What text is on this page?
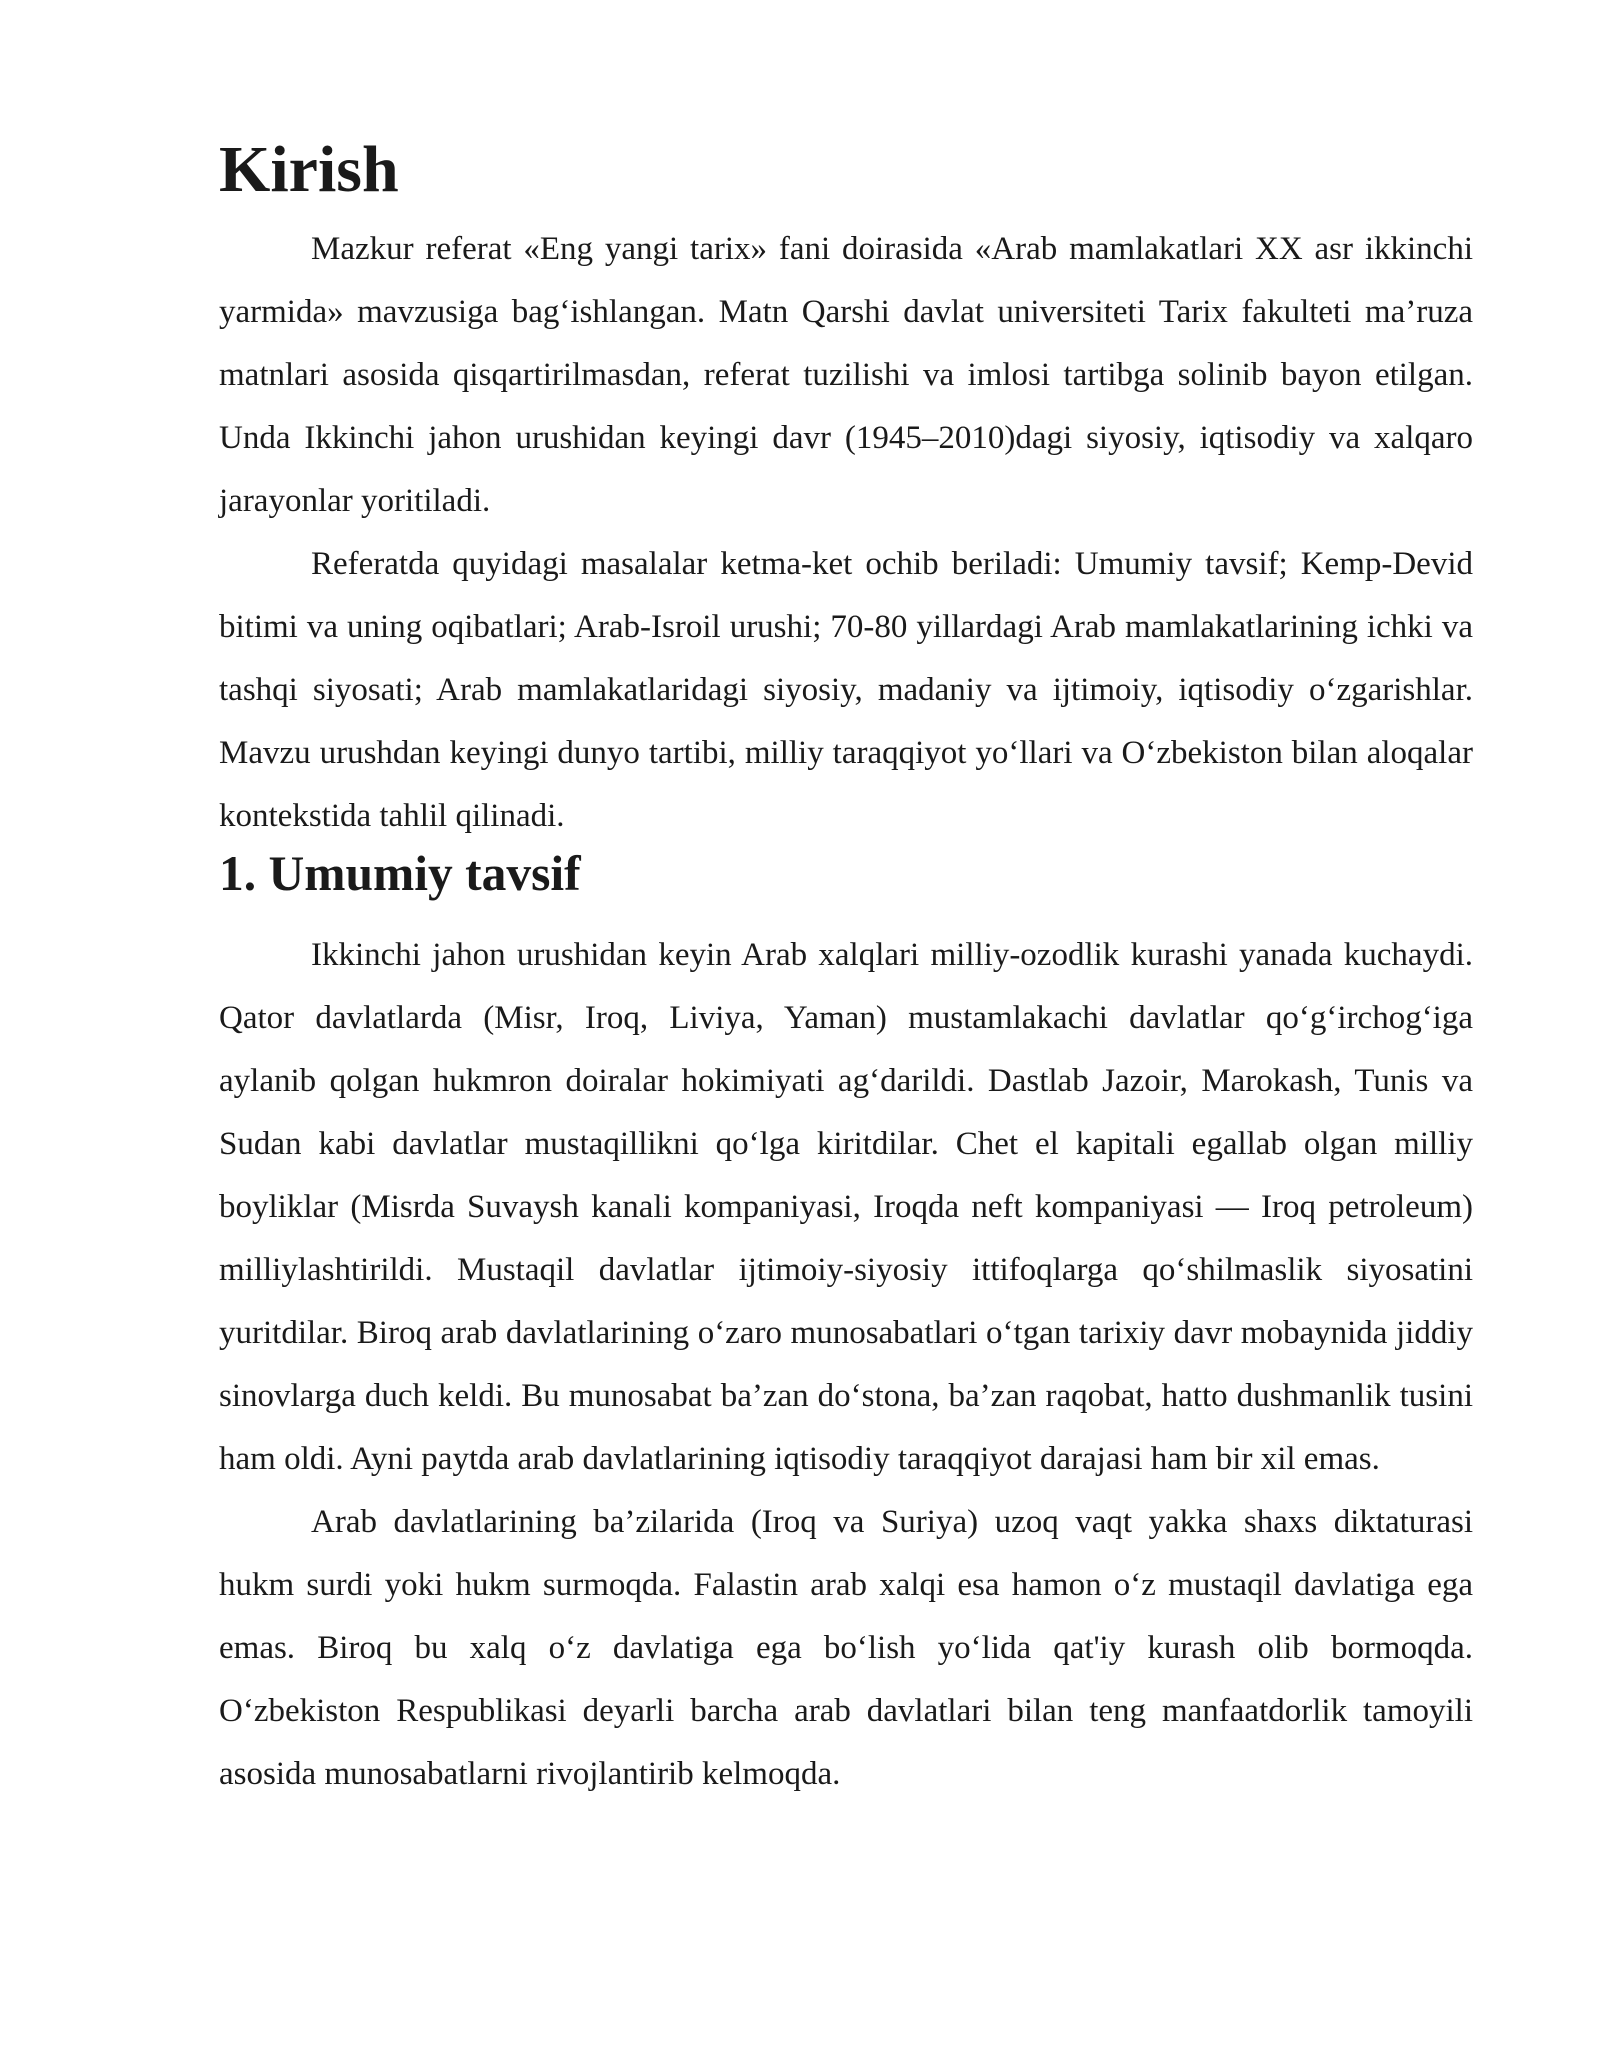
Kirish

Mazkur referat «Eng yangi tarix» fani doirasida «Arab mamlakatlari XX asr ikkinchi yarmida» mavzusiga bag‘ishlangan. Matn Qarshi davlat universiteti Tarix fakulteti ma’ruza matnlari asosida qisqartirilmasdan, referat tuzilishi va imlosi tartibga solinib bayon etilgan. Unda Ikkinchi jahon urushidan keyingi davr (1945–2010)dagi siyosiy, iqtisodiy va xalqaro jarayonlar yoritiladi.

Referatda quyidagi masalalar ketma-ket ochib beriladi: Umumiy tavsif; Kemp-Devid bitimi va uning oqibatlari; Arab-Isroil urushi; 70-80 yillardagi Arab mamlakatlarining ichki va tashqi siyosati; Arab mamlakatlaridagi siyosiy, madaniy va ijtimoiy, iqtisodiy o‘zgarishlar. Mavzu urushdan keyingi dunyo tartibi, milliy taraqqiyot yo‘llari va O‘zbekiston bilan aloqalar kontekstida tahlil qilinadi.

1. Umumiy tavsif

Ikkinchi jahon urushidan keyin Arab xalqlari milliy-ozodlik kurashi yanada kuchaydi. Qator davlatlarda (Misr, Iroq, Liviya, Yaman) mustamlakachi davlatlar qo‘g‘irchog‘iga aylanib qolgan hukmron doiralar hokimiyati ag‘darildi. Dastlab Jazoir, Marokash, Tunis va Sudan kabi davlatlar mustaqillikni qo‘lga kiritdilar. Chet el kapitali egallab olgan milliy boyliklar (Misrda Suvaysh kanali kompaniyasi, Iroqda neft kompaniyasi — Iroq petroleum) milliylashtirildi. Mustaqil davlatlar ijtimoiy-siyosiy ittifoqlarga qo‘shilmaslik siyosatini yuritdilar. Biroq arab davlatlarining o‘zaro munosabatlari o‘tgan tarixiy davr mobaynida jiddiy sinovlarga duch keldi. Bu munosabat ba’zan do‘stona, ba’zan raqobat, hatto dushmanlik tusini ham oldi. Ayni paytda arab davlatlarining iqtisodiy taraqqiyot darajasi ham bir xil emas.

Arab davlatlarining ba’zilarida (Iroq va Suriya) uzoq vaqt yakka shaxs diktaturasi hukm surdi yoki hukm surmoqda. Falastin arab xalqi esa hamon o‘z mustaqil davlatiga ega emas. Biroq bu xalq o‘z davlatiga ega bo‘lish yo‘lida qat'iy kurash olib bormoqda. O‘zbekiston Respublikasi deyarli barcha arab davlatlari bilan teng manfaatdorlik tamoyili asosida munosabatlarni rivojlantirib kelmoqda.
